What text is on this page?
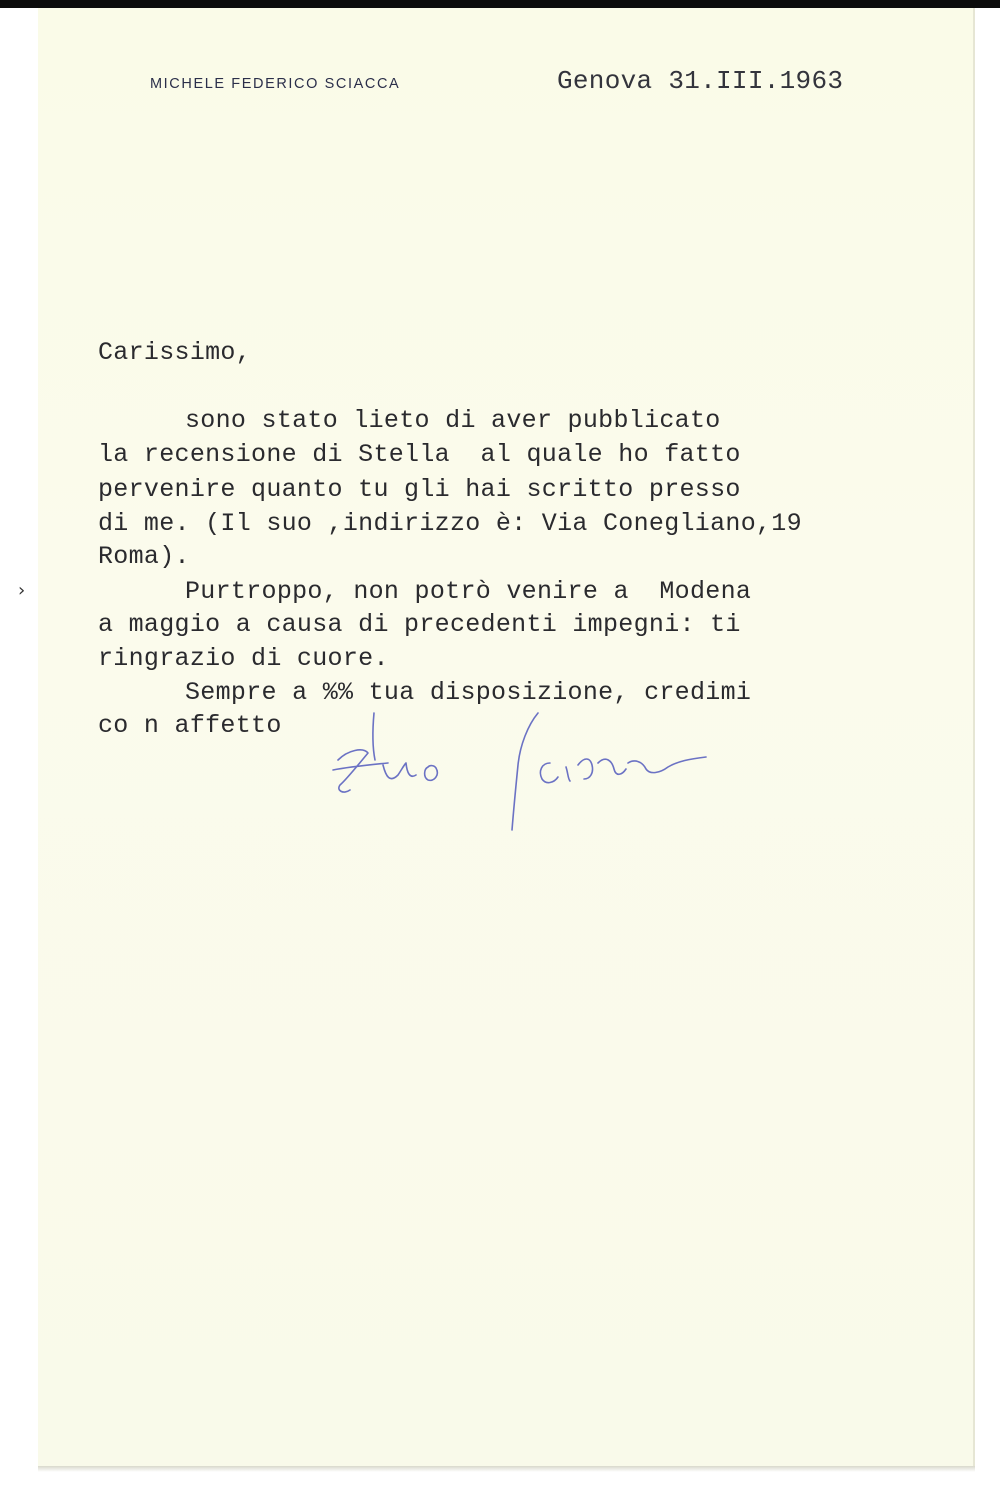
MICHELE FEDERICO SCIACCA	Genova 31.III.1963
Carissimo,
sono stato lieto di aver pubblicato
la recensione di Stella  al quale ho fatto
pervenire quanto tu gli hai scritto presso
di me. (Il suo ,indirizzo è: Via Conegliano,19
Roma).
Purtroppo, non potrò venire a  Modena
a maggio a causa di precedenti impegni: ti
ringrazio di cuore.
Sempre a %% tua disposizione, credimi
co n affetto
›
